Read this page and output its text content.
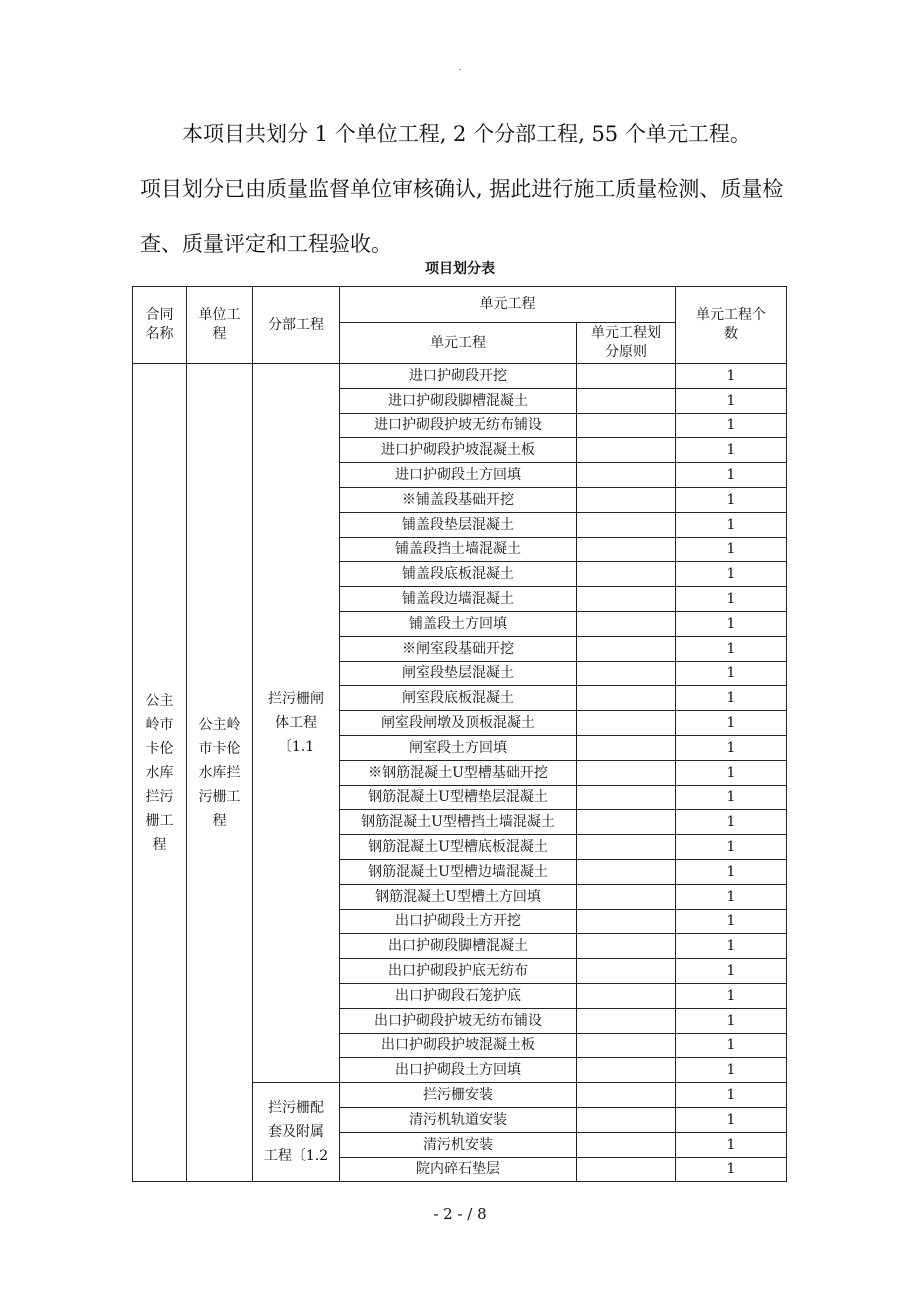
.

本项目共划分 1 个单位工程, 2 个分部工程, 55 个单元工程。

项目划分已由质量监督单位审核确认, 据此进行施工质量检测、质量检查、质量评定和工程验收。

项目划分表
合同名称	单位工程	分部工程	单元工程		单元工程个数
			单元工程	单元工程划分原则	
公主岭市卡伦水库拦污栅工程	公主岭市卡伦水库拦污栅工程	拦污栅闸体工程〔1.1	进口护砌段开挖		1
			进口护砌段脚槽混凝土		1
			进口护砌段护坡无纺布铺设		1
			进口护砌段护坡混凝土板		1
			进口护砌段土方回填		1
			※铺盖段基础开挖		1
			铺盖段垫层混凝土		1
			铺盖段挡土墙混凝土		1
			铺盖段底板混凝土		1
			铺盖段边墙混凝土		1
			铺盖段土方回填		1
			※闸室段基础开挖		1
			闸室段垫层混凝土		1
			闸室段底板混凝土		1
			闸室段闸墩及顶板混凝土		1
			闸室段土方回填		1
			※钢筋混凝土U型槽基础开挖		1
			钢筋混凝土U型槽垫层混凝土		1
			钢筋混凝土U型槽挡土墙混凝土		1
			钢筋混凝土U型槽底板混凝土		1
			钢筋混凝土U型槽边墙混凝土		1
			钢筋混凝土U型槽土方回填		1
			出口护砌段土方开挖		1
			出口护砌段脚槽混凝土		1
			出口护砌段护底无纺布		1
			出口护砌段石笼护底		1
			出口护砌段护坡无纺布铺设		1
			出口护砌段护坡混凝土板		1
			出口护砌段土方回填		1
		拦污栅配套及附属工程〔1.2	拦污栅安装		1
			清污机轨道安装		1
			清污机安装		1
			院内碎石垫层		1
- 2 - / 8
